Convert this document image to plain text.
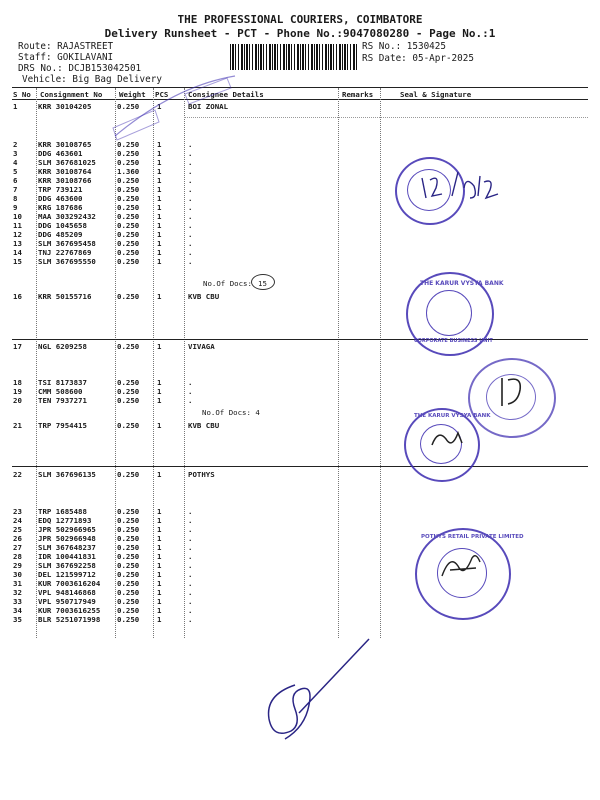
THE PROFESSIONAL COURIERS, COIMBATORE
Delivery Runsheet - PCT - Phone No.:9047080280 - Page No.:1
Route: RAJASTREET
Staff: GOKILAVANI
DRS No.: DCJB153042501
Vehicle: Big Bag Delivery
RS No.: 1530425
RS Date: 05-Apr-2025
S No Consignment No Weight PCS	Consignee Details	Remarks	Seal & Signature
1	KRR 30104205	0.250 1	BOI ZONAL
2	KRR 30108765	0.250 1	.
3	DDG 463601	0.250 1	.
4	SLM 367681025	0.250 1	.
5	KRR 30108764	1.360 1	.
6	KRR 30108766	0.250 1	.
7	TRP 739121	0.250 1	.
8	DDG 463600	0.250 1	.
9	KRG 187686	0.250 1	.
10 MAA 303292432	0.250 1	.
11 DDG 1045658	0.250 1	.
12 DDG 485209	0.250 1	.
13 SLM 367695458	0.250 1	.
14 TNJ 22767869	0.250 1	.
15 SLM 367695550	0.250 1	.
16 KRR 50155716	0.250 1	KVB CBU
17 NGL 6209258	0.250 1	VIVAGA
18 TSI 8173837	0.250 1	.
19 CMM 508600	0.250 1	.
20 TEN 7937271	0.250 1	.
21 TRP 7954415	0.250 1	KVB CBU
22 SLM 367696135	0.250 1	POTHYS
23 TRP 1685488	0.250 1	.
24 EDQ 12771893	0.250 1	.
25 JPR 502966965	0.250 1	.
26 JPR 502966948	0.250 1	.
27 SLM 367648237	0.250 1	.
28 IDR 100441831	0.250 1	.
29 SLM 367692258	0.250 1	.
30 DEL 121599712	0.250 1	.
31 KUR 7003616204 0.250 1	.
32 VPL 948146868	0.250 1	.
33 VPL 950717949	0.250 1	.
34 KUR 7003616255 0.250 1	.
35 BLR 5251071998 0.250 1	.
No.Of Docs: 15
No.Of Docs: 4
THE KARUR VYSYA BANK
CORPORATE BUSINESS UNIT
THE KARUR VYSYA BANK
POTHYS RETAIL PRIVATE LIMITED
